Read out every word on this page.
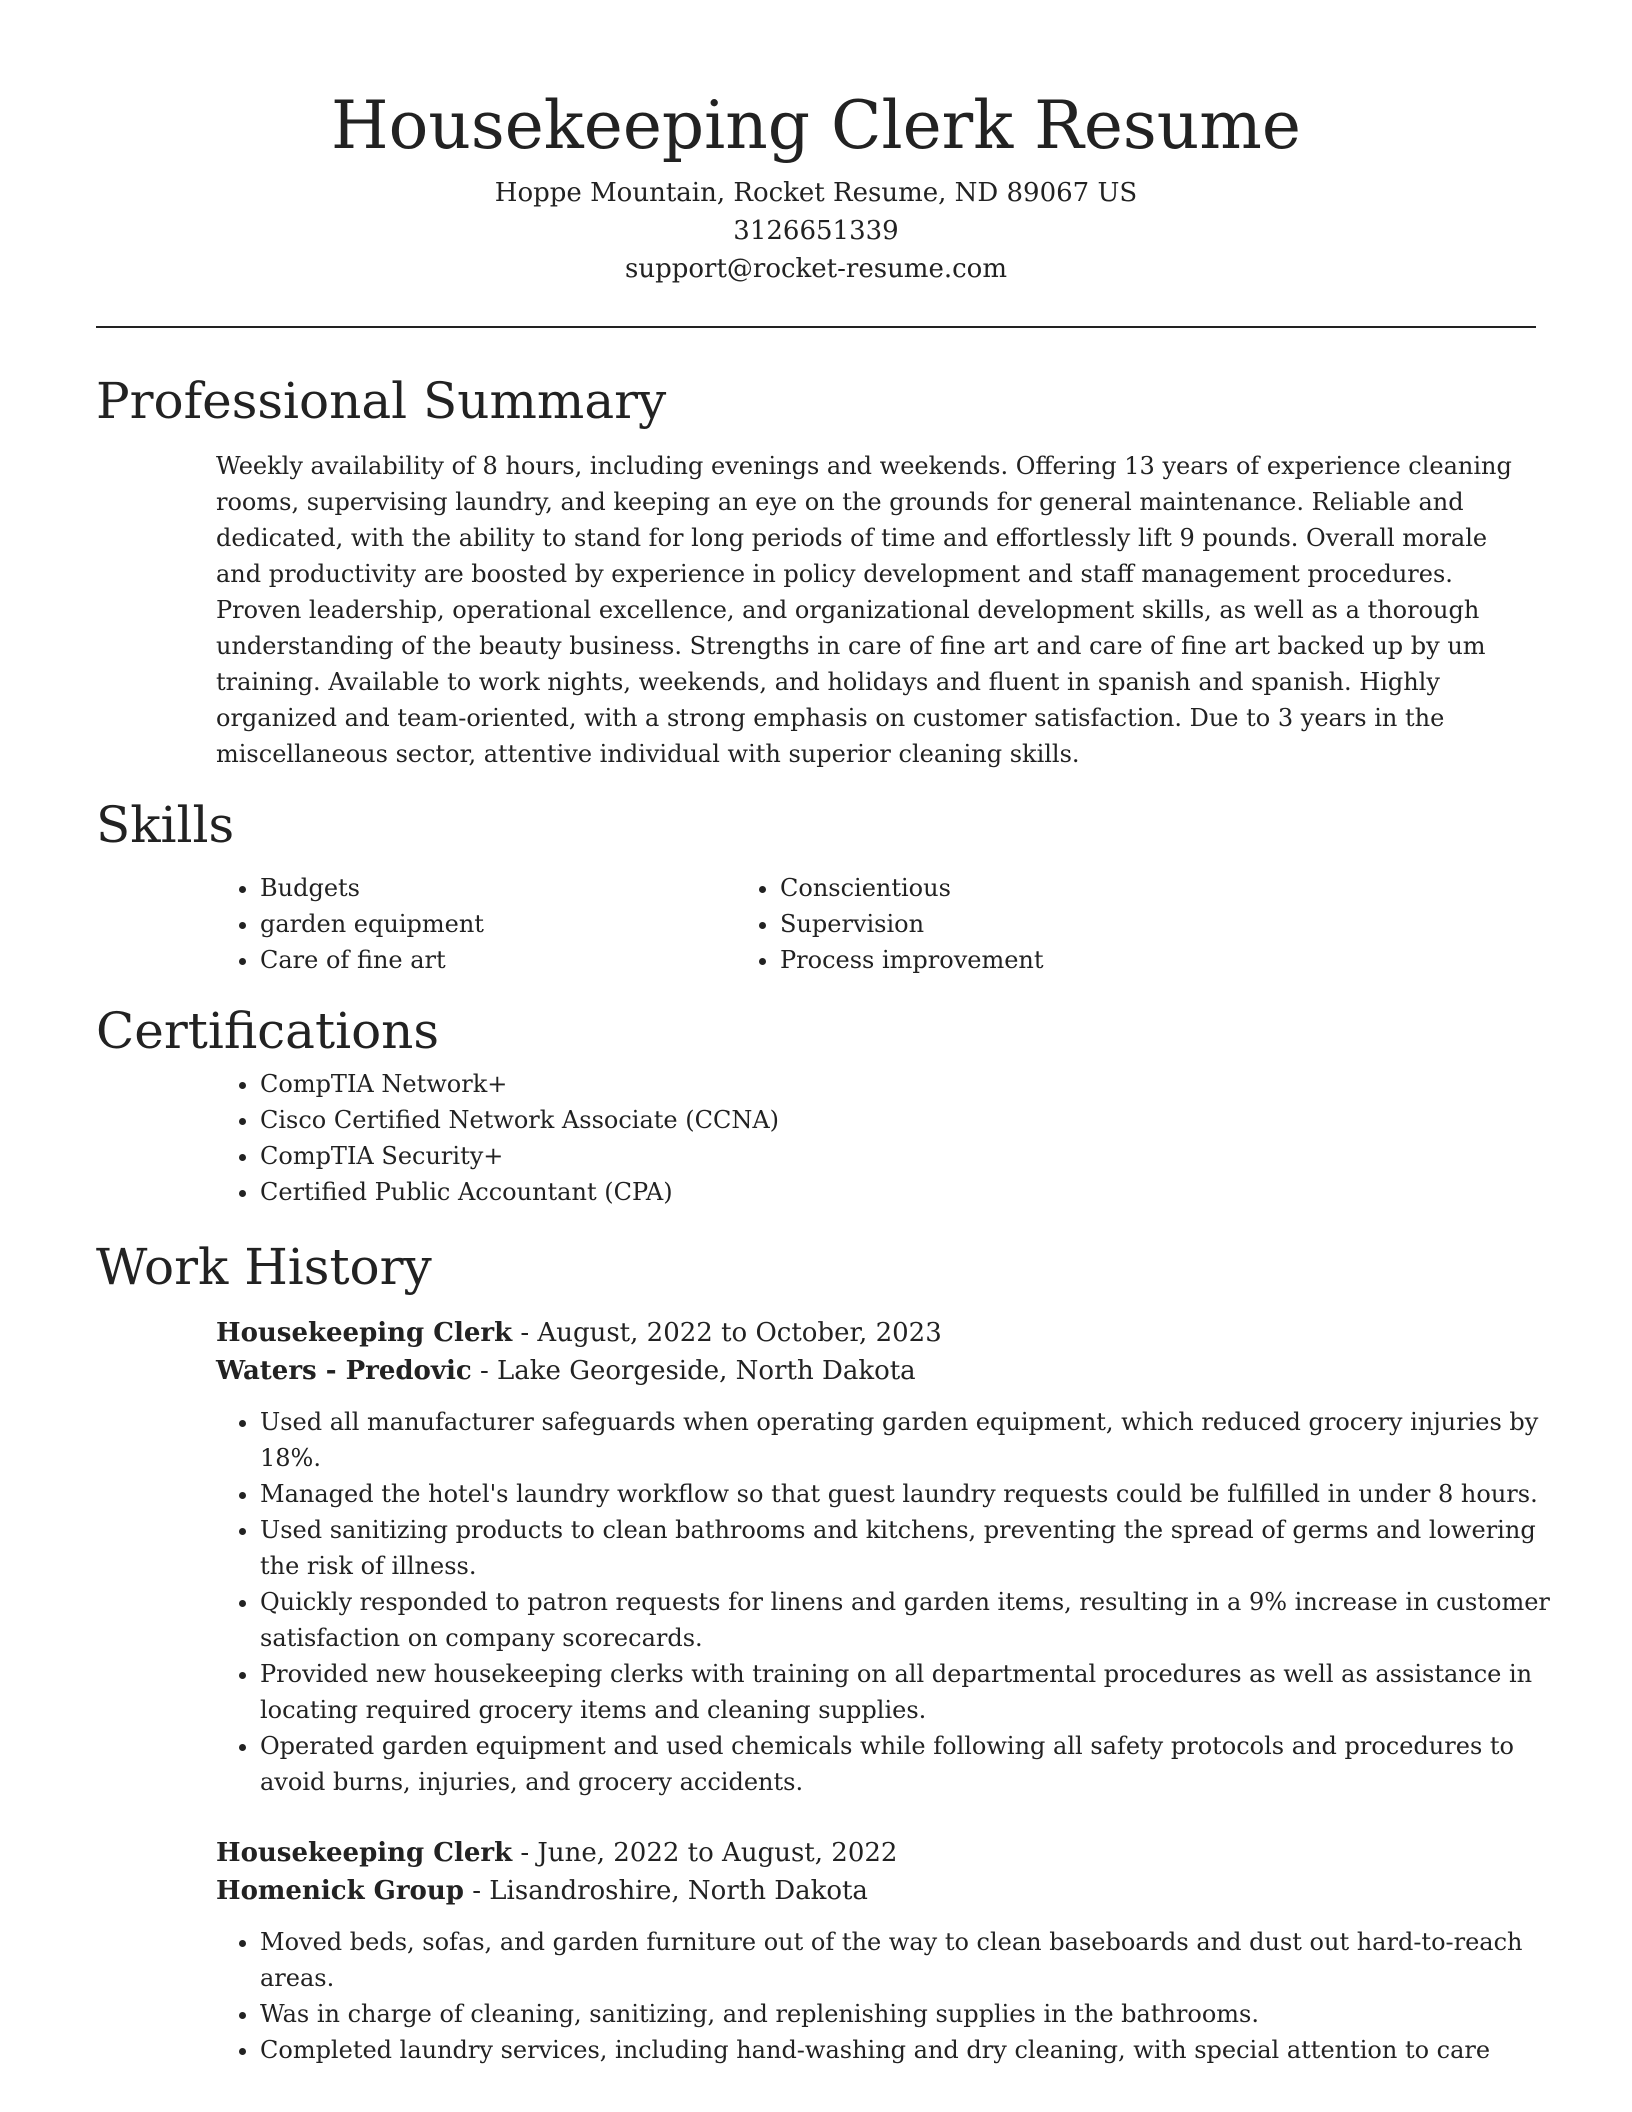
Housekeeping Clerk Resume

Hoppe Mountain, Rocket Resume, ND 89067 US

3126651339

support@rocket-resume.com

Professional Summary

Weekly availability of 8 hours, including evenings and weekends. Offering 13 years of experience cleaning rooms, supervising laundry, and keeping an eye on the grounds for general maintenance. Reliable and dedicated, with the ability to stand for long periods of time and effortlessly lift 9 pounds. Overall morale and productivity are boosted by experience in policy development and staff management procedures. Proven leadership, operational excellence, and organizational development skills, as well as a thorough understanding of the beauty business. Strengths in care of fine art and care of fine art backed up by um training. Available to work nights, weekends, and holidays and fluent in spanish and spanish. Highly organized and team-oriented, with a strong emphasis on customer satisfaction. Due to 3 years in the miscellaneous sector, attentive individual with superior cleaning skills.

Skills
• Budgets
• garden equipment
• Care of fine art
• Conscientious
• Supervision
• Process improvement
Certifications
• CompTIA Network+
• Cisco Certified Network Associate (CCNA)
• CompTIA Security+
• Certified Public Accountant (CPA)
Work History

Housekeeping Clerk - August, 2022 to October, 2023

Waters - Predovic - Lake Georgeside, North Dakota

• Used all manufacturer safeguards when operating garden equipment, which reduced grocery injuries by 18%.
• Managed the hotel's laundry workflow so that guest laundry requests could be fulfilled in under 8 hours.
• Used sanitizing products to clean bathrooms and kitchens, preventing the spread of germs and lowering the risk of illness.
• Quickly responded to patron requests for linens and garden items, resulting in a 9% increase in customer satisfaction on company scorecards.
• Provided new housekeeping clerks with training on all departmental procedures as well as assistance in locating required grocery items and cleaning supplies.
• Operated garden equipment and used chemicals while following all safety protocols and procedures to avoid burns, injuries, and grocery accidents.

Housekeeping Clerk - June, 2022 to August, 2022

Homenick Group - Lisandroshire, North Dakota

• Moved beds, sofas, and garden furniture out of the way to clean baseboards and dust out hard-to-reach areas.
• Was in charge of cleaning, sanitizing, and replenishing supplies in the bathrooms.
• Completed laundry services, including hand-washing and dry cleaning, with special attention to care
